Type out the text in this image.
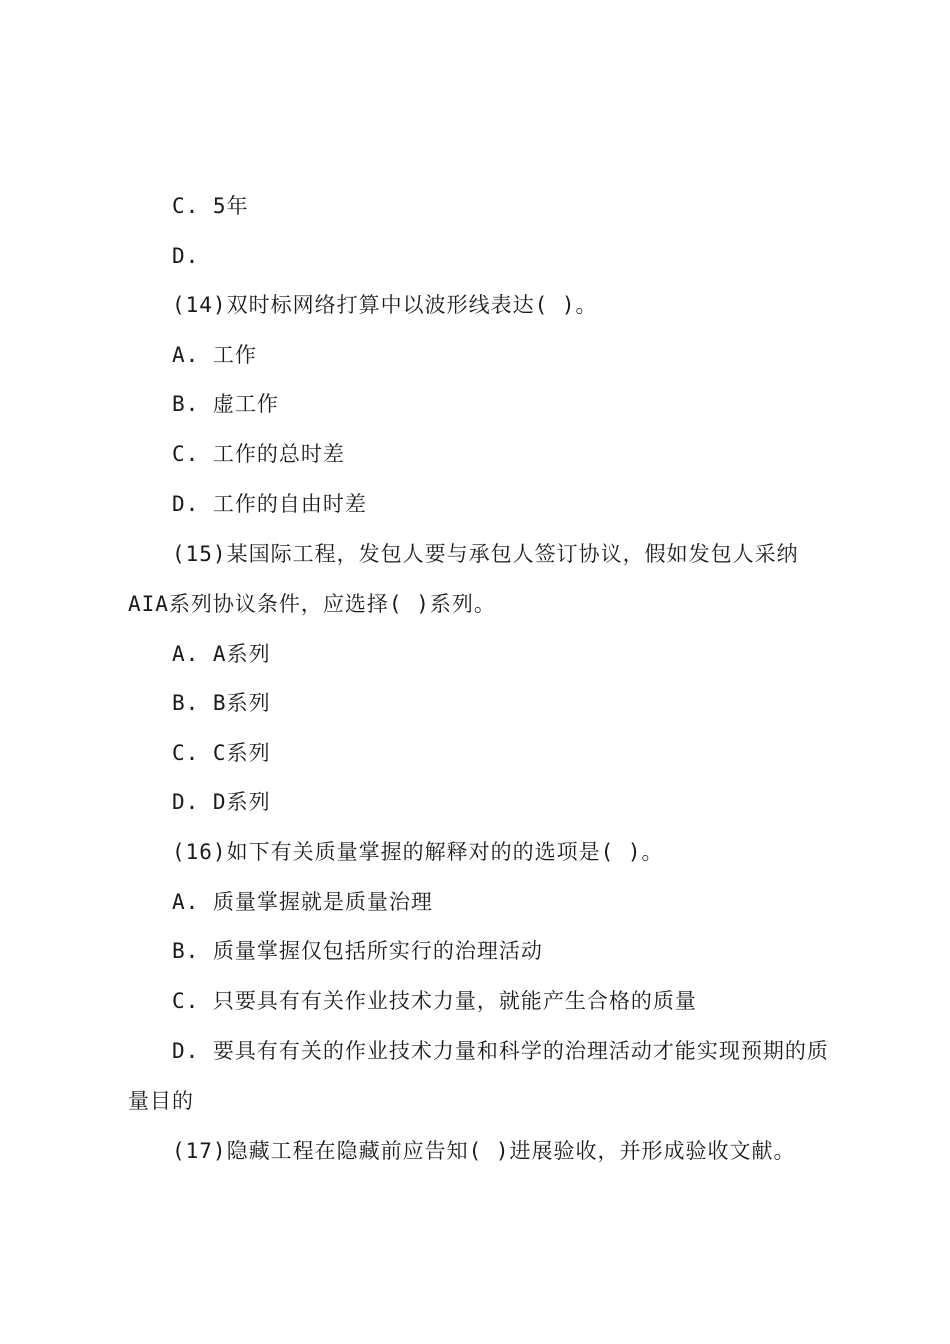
C. 5年
D.
(14)双时标网络打算中以波形线表达( )。
A. 工作
B. 虚工作
C. 工作的总时差
D. 工作的自由时差
(15)某国际工程，发包人要与承包人签订协议，假如发包人采纳
AIA系列协议条件，应选择( )系列。
A. A系列
B. B系列
C. C系列
D. D系列
(16)如下有关质量掌握的解释对的的选项是( )。
A. 质量掌握就是质量治理
B. 质量掌握仅包括所实行的治理活动
C. 只要具有有关作业技术力量，就能产生合格的质量
D. 要具有有关的作业技术力量和科学的治理活动才能实现预期的质
量目的
(17)隐藏工程在隐藏前应告知( )进展验收，并形成验收文献。
